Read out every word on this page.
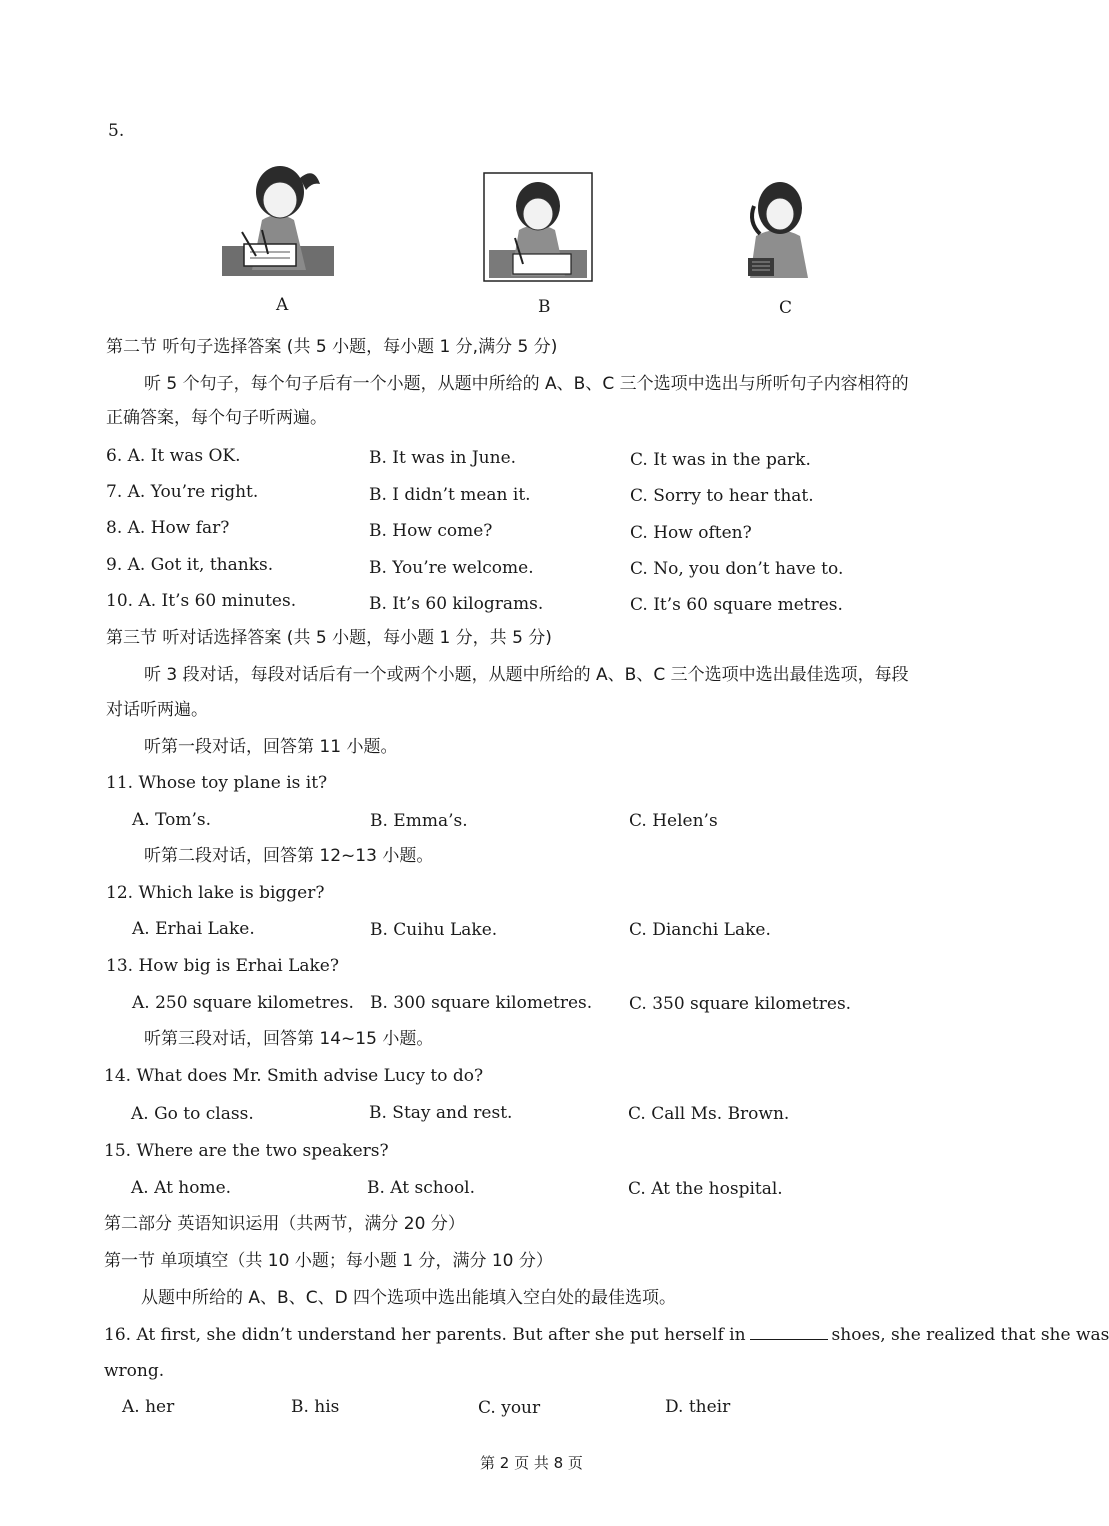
5.
A	B	C
第二节 听句子选择答案 (共 5 小题，每小题 1 分,满分 5 分)
听 5 个句子，每个句子后有一个小题，从题中所给的 A、B、C 三个选项中选出与所听句子内容相符的
正确答案，每个句子听两遍。
6. A. It was OK.	B. It was in June.	C. It was in the park.
7. A. You’re right.	B. I didn’t mean it.	C. Sorry to hear that.
8. A. How far?	B. How come?	C. How often?
9. A. Got it, thanks.	B. You’re welcome.	C. No, you don’t have to.
10. A. It’s 60 minutes.	B. It’s 60 kilograms.	C. It’s 60 square metres.
第三节 听对话选择答案 (共 5 小题，每小题 1 分，共 5 分)
听 3 段对话，每段对话后有一个或两个小题，从题中所给的 A、B、C 三个选项中选出最佳选项，每段
对话听两遍。
听第一段对话，回答第 11 小题。
11. Whose toy plane is it?
A. Tom’s.	B. Emma’s.	C. Helen’s
听第二段对话，回答第 12~13 小题。
12. Which lake is bigger?
A. Erhai Lake.	B. Cuihu Lake.	C. Dianchi Lake.
13. How big is Erhai Lake?
A. 250 square kilometres. B. 300 square kilometres. C. 350 square kilometres.
听第三段对话，回答第 14~15 小题。
14. What does Mr. Smith advise Lucy to do?
A. Go to class.	B. Stay and rest.	C. Call Ms. Brown.
15. Where are the two speakers?
A. At home.	B. At school.	C. At the hospital.
第二部分 英语知识运用（共两节，满分 20 分）
第一节 单项填空（共 10 小题；每小题 1 分，满分 10 分）
从题中所给的 A、B、C、D 四个选项中选出能填入空白处的最佳选项。
16. At first, she didn’t understand her parents. But after she put herself in	shoes, she realized that she was
wrong.
A. her	B. his	C. your	D. their
第 2 页 共 8 页
